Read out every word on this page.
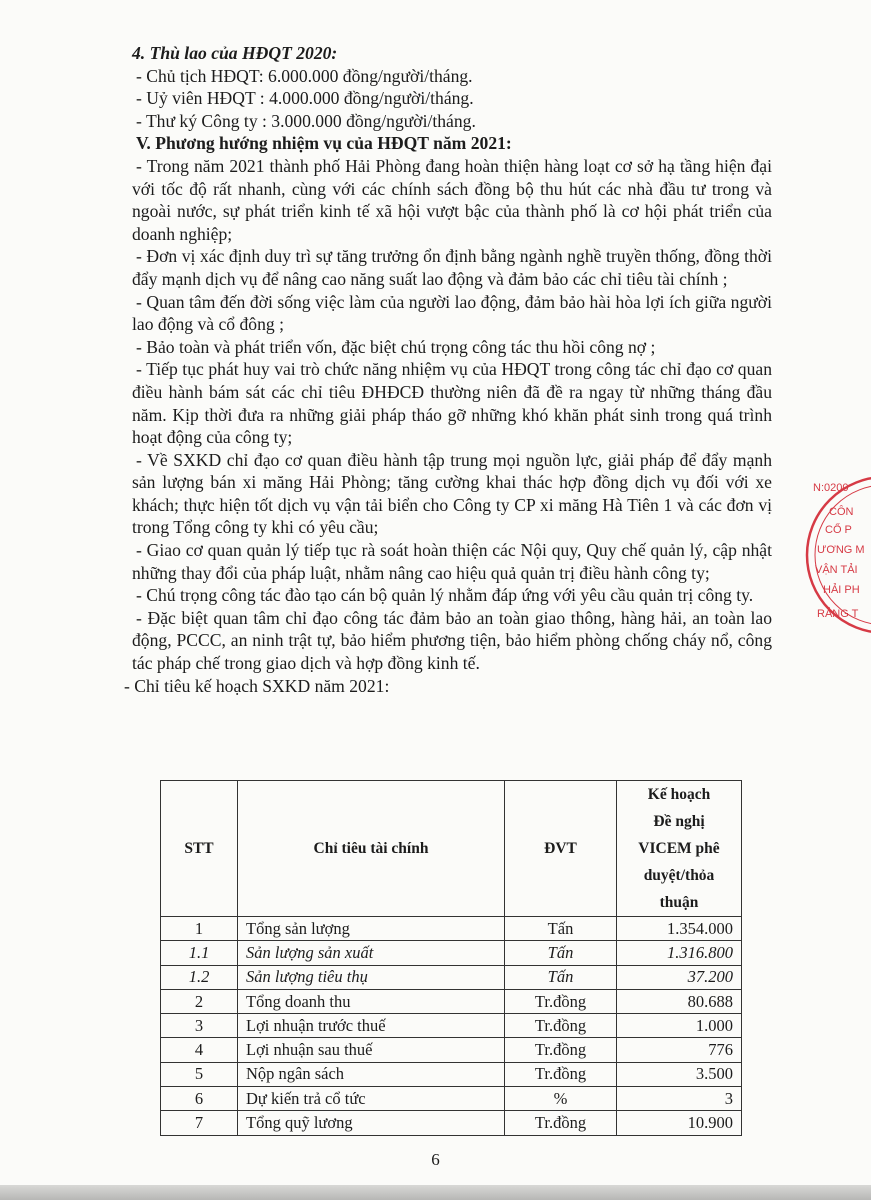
4. Thù lao của HĐQT 2020:
- Chủ tịch HĐQT: 6.000.000 đồng/người/tháng.
- Uỷ viên HĐQT : 4.000.000 đồng/người/tháng.
- Thư ký Công ty : 3.000.000 đồng/người/tháng.
V. Phương hướng nhiệm vụ của HĐQT năm 2021:
- Trong năm 2021 thành phố Hải Phòng đang hoàn thiện hàng loạt cơ sở hạ tầng hiện đại với tốc độ rất nhanh, cùng với các chính sách đồng bộ thu hút các nhà đầu tư trong và ngoài nước, sự phát triển kinh tế xã hội vượt bậc của thành phố là cơ hội phát triển của doanh nghiệp;
- Đơn vị xác định duy trì sự tăng trưởng ổn định bằng ngành nghề truyền thống, đồng thời đẩy mạnh dịch vụ để nâng cao năng suất lao động và đảm bảo các chỉ tiêu tài chính ;
- Quan tâm đến đời sống việc làm của người lao động, đảm bảo hài hòa lợi ích giữa người lao động và cổ đông ;
- Bảo toàn và phát triển vốn, đặc biệt chú trọng công tác thu hồi công nợ ;
- Tiếp tục phát huy vai trò chức năng nhiệm vụ của HĐQT trong công tác chỉ đạo cơ quan điều hành bám sát các chỉ tiêu ĐHĐCĐ thường niên đã đề ra ngay từ những tháng đầu năm. Kịp thời đưa ra những giải pháp tháo gỡ những khó khăn phát sinh trong quá trình hoạt động của công ty;
- Về SXKD chỉ đạo cơ quan điều hành tập trung mọi nguồn lực, giải pháp để đẩy mạnh sản lượng bán xi măng Hải Phòng; tăng cường khai thác hợp đồng dịch vụ đối với xe khách; thực hiện tốt dịch vụ vận tải biển cho Công ty CP xi măng Hà Tiên 1 và các đơn vị trong Tổng công ty khi có yêu cầu;
- Giao cơ quan quản lý tiếp tục rà soát hoàn thiện các Nội quy, Quy chế quản lý, cập nhật những thay đổi của pháp luật, nhằm nâng cao hiệu quả quản trị điều hành công ty;
- Chú trọng công tác đào tạo cán bộ quản lý nhằm đáp ứng với yêu cầu quản trị công ty.
- Đặc biệt quan tâm chỉ đạo công tác đảm bảo an toàn giao thông, hàng hải, an toàn lao động, PCCC, an ninh trật tự, bảo hiểm phương tiện, bảo hiểm phòng chống cháy nổ, công tác pháp chế trong giao dịch và hợp đồng kinh tế.
- Chỉ tiêu kế hoạch SXKD năm 2021:
STT	Chỉ tiêu tài chính	ĐVT	Kế hoạch
Đề nghị VICEM phê duyệt/thỏa thuận

1	Tổng sản lượng	Tấn	1.354.000
1.1	Sản lượng sản xuất	Tấn	1.316.800
1.2	Sản lượng tiêu thụ	Tấn	37.200
2	Tổng doanh thu	Tr.đồng	80.688
3	Lợi nhuận trước thuế	Tr.đồng	1.000
4	Lợi nhuận sau thuế	Tr.đồng	776
5	Nộp ngân sách	Tr.đồng	3.500
6	Dự kiến trả cổ tức	%	3
7	Tổng quỹ lương	Tr.đồng	10.900
6
N:0200
CÔN
CỔ P
ƯƠNG M
VẬN TẢI
HẢI PH
RẢNG T
